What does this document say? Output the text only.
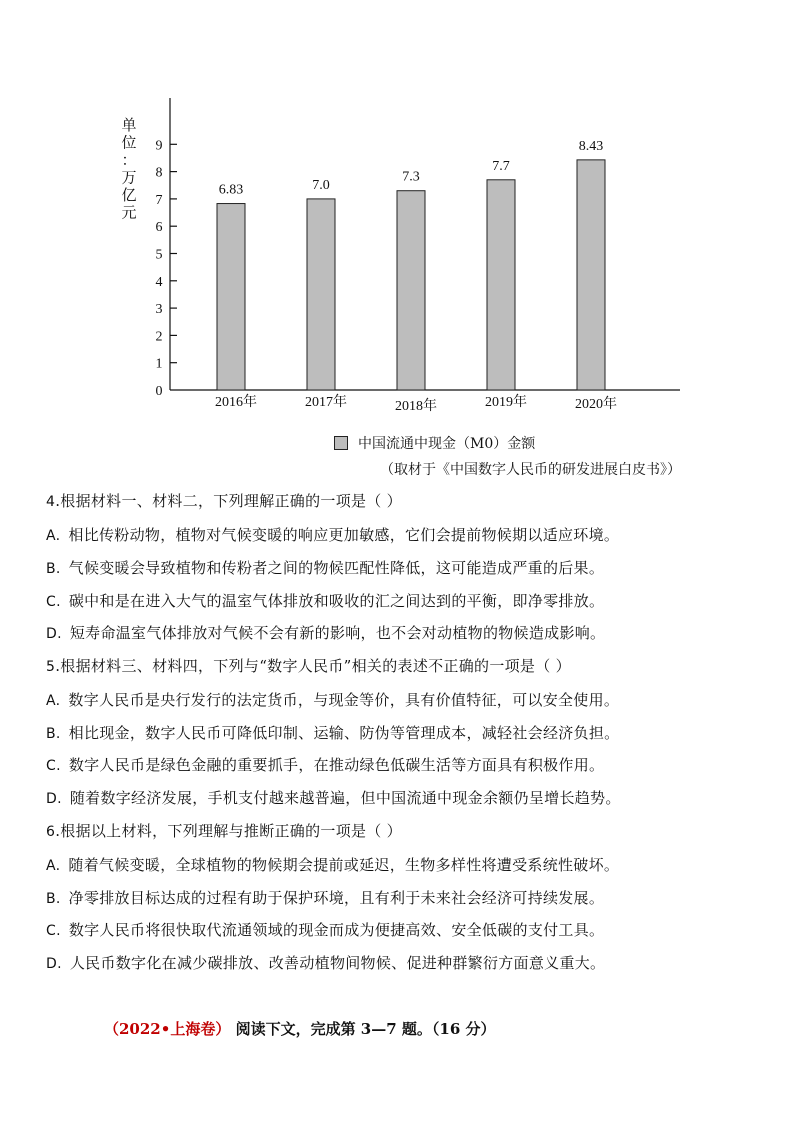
单位：万亿元
0
1
2
3
4
5
6
7
8
9
6.83	7.0
7.3
7.7
8.43
2016年	2017年	2018年	2019年	2020年
中国流通中现金（M0）金额
（取材于《中国数字人民币的研发进展白皮书》）
4.根据材料一、材料二，下列理解正确的一项是（ ）
A. 相比传粉动物，植物对气候变暖的响应更加敏感，它们会提前物候期以适应环境。
B. 气候变暖会导致植物和传粉者之间的物候匹配性降低，这可能造成严重的后果。
C. 碳中和是在进入大气的温室气体排放和吸收的汇之间达到的平衡，即净零排放。
D. 短寿命温室气体排放对气候不会有新的影响，也不会对动植物的物候造成影响。
5.根据材料三、材料四，下列与“数字人民币”相关的表述不正确的一项是（ ）
A. 数字人民币是央行发行的法定货币，与现金等价，具有价值特征，可以安全使用。
B. 相比现金，数字人民币可降低印制、运输、防伪等管理成本，减轻社会经济负担。
C. 数字人民币是绿色金融的重要抓手，在推动绿色低碳生活等方面具有积极作用。
D. 随着数字经济发展，手机支付越来越普遍，但中国流通中现金余额仍呈增长趋势。
6.根据以上材料，下列理解与推断正确的一项是（ ）
A. 随着气候变暖，全球植物的物候期会提前或延迟，生物多样性将遭受系统性破坏。
B. 净零排放目标达成的过程有助于保护环境，且有利于未来社会经济可持续发展。
C. 数字人民币将很快取代流通领域的现金而成为便捷高效、安全低碳的支付工具。
D. 人民币数字化在减少碳排放、改善动植物间物候、促进种群繁衍方面意义重大。
（2022•上海卷） 阅读下文，完成第 3—7 题。（16 分）
